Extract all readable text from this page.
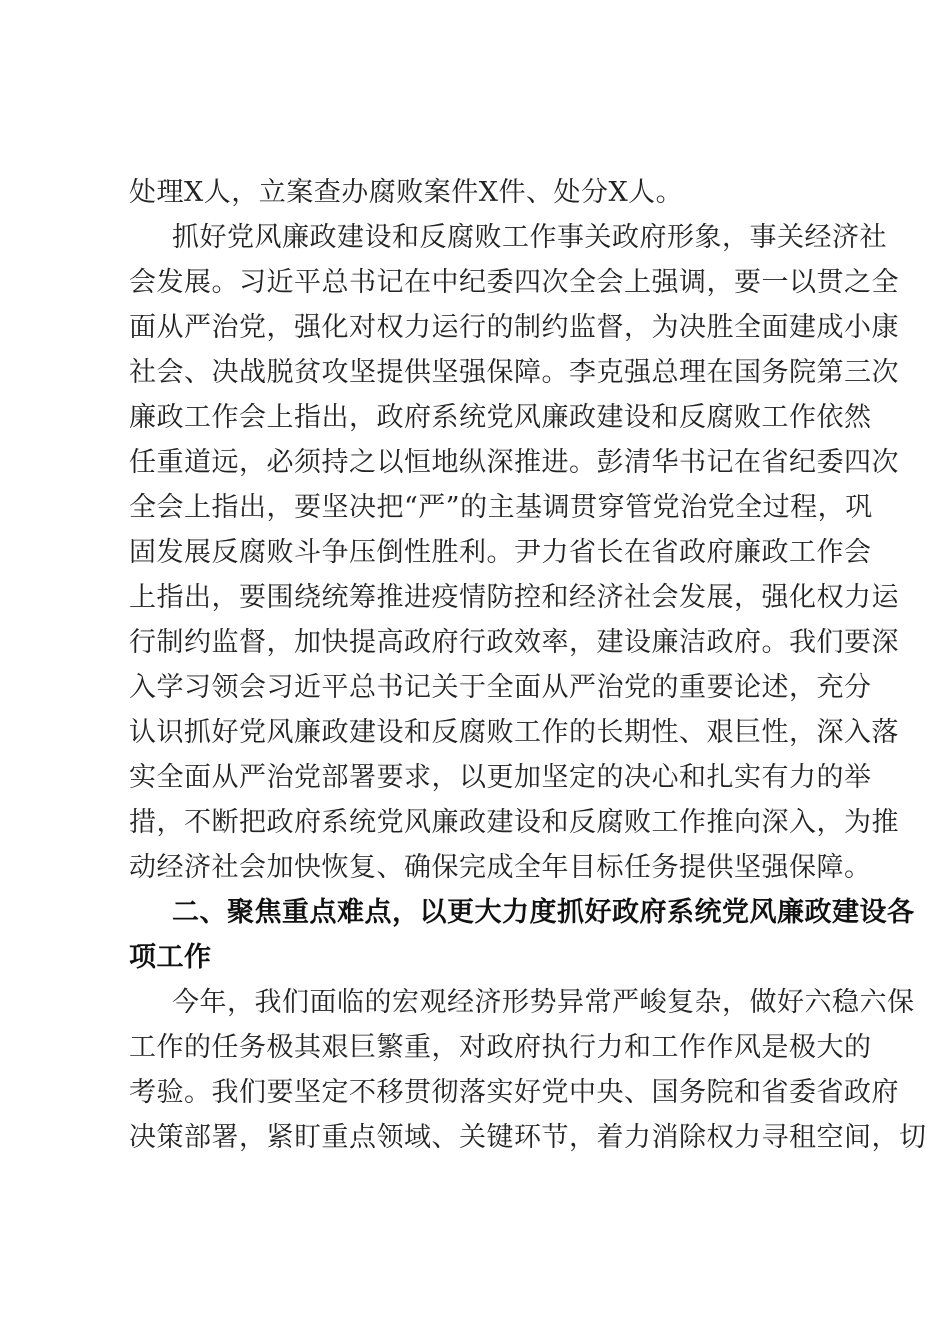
处理X人，立案查办腐败案件X件、处分X人。
抓好党风廉政建设和反腐败工作事关政府形象，事关经济社
会发展。习近平总书记在中纪委四次全会上强调，要一以贯之全
面从严治党，强化对权力运行的制约监督，为决胜全面建成小康
社会、决战脱贫攻坚提供坚强保障。李克强总理在国务院第三次
廉政工作会上指出，政府系统党风廉政建设和反腐败工作依然
任重道远，必须持之以恒地纵深推进。彭清华书记在省纪委四次
全会上指出，要坚决把“严”的主基调贯穿管党治党全过程，巩
固发展反腐败斗争压倒性胜利。尹力省长在省政府廉政工作会
上指出，要围绕统筹推进疫情防控和经济社会发展，强化权力运
行制约监督，加快提高政府行政效率，建设廉洁政府。我们要深
入学习领会习近平总书记关于全面从严治党的重要论述，充分
认识抓好党风廉政建设和反腐败工作的长期性、艰巨性，深入落
实全面从严治党部署要求，以更加坚定的决心和扎实有力的举
措，不断把政府系统党风廉政建设和反腐败工作推向深入，为推
动经济社会加快恢复、确保完成全年目标任务提供坚强保障。
二、聚焦重点难点，以更大力度抓好政府系统党风廉政建设各
项工作
今年，我们面临的宏观经济形势异常严峻复杂，做好六稳六保
工作的任务极其艰巨繁重，对政府执行力和工作作风是极大的
考验。我们要坚定不移贯彻落实好党中央、国务院和省委省政府
决策部署，紧盯重点领域、关键环节，着力消除权力寻租空间，切
